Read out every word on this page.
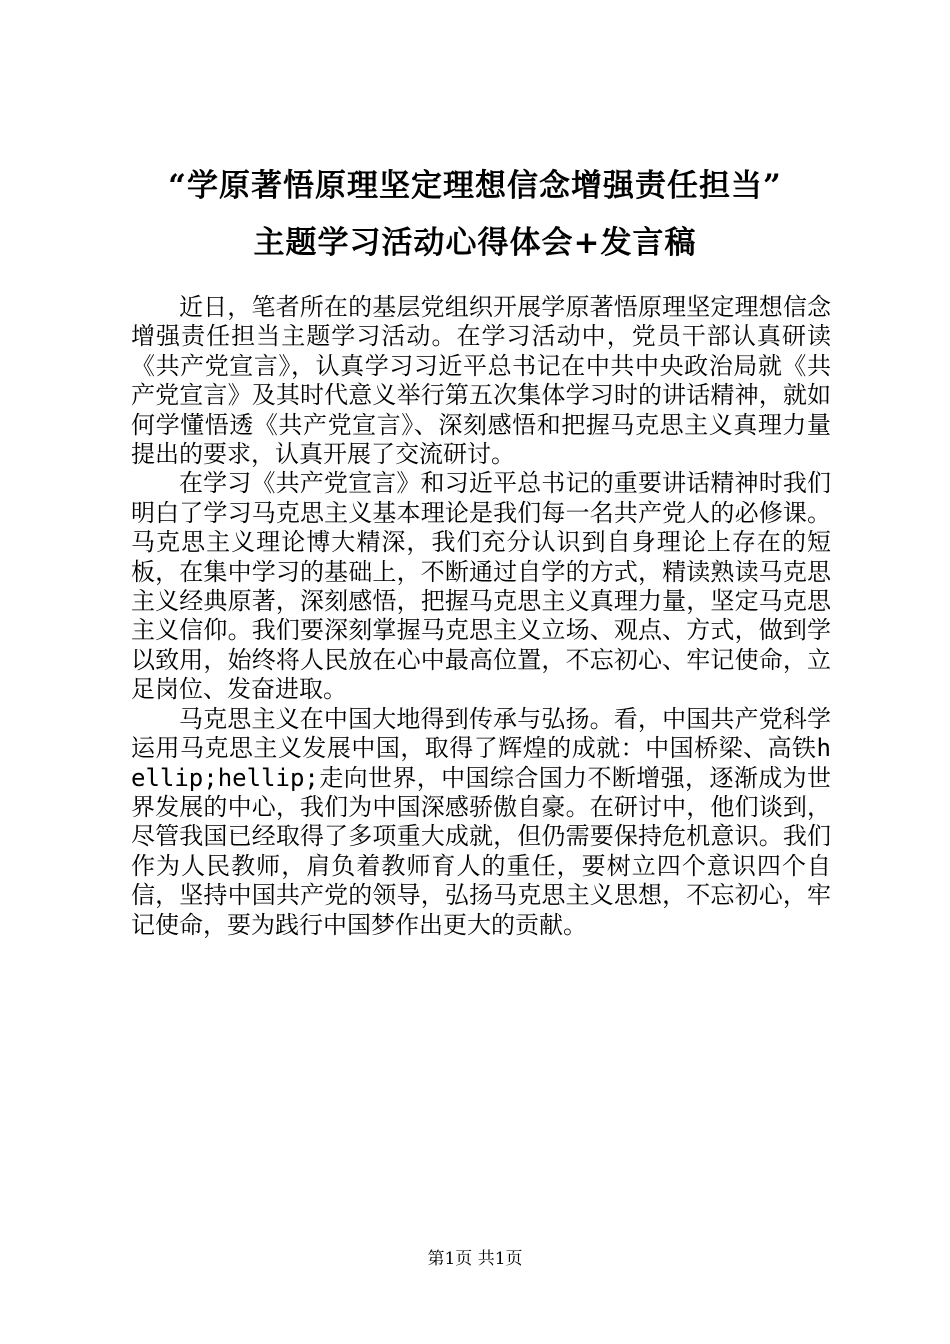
“学原著悟原理坚定理想信念增强责任担当”
主题学习活动心得体会+发言稿

近日，笔者所在的基层党组织开展学原著悟原理坚定理想信念增强责任担当主题学习活动。在学习活动中，党员干部认真研读《共产党宣言》，认真学习习近平总书记在中共中央政治局就《共产党宣言》及其时代意义举行第五次集体学习时的讲话精神，就如何学懂悟透《共产党宣言》、深刻感悟和把握马克思主义真理力量提出的要求，认真开展了交流研讨。

在学习《共产党宣言》和习近平总书记的重要讲话精神时我们明白了学习马克思主义基本理论是我们每一名共产党人的必修课。马克思主义理论博大精深，我们充分认识到自身理论上存在的短板，在集中学习的基础上，不断通过自学的方式，精读熟读马克思主义经典原著，深刻感悟，把握马克思主义真理力量，坚定马克思主义信仰。我们要深刻掌握马克思主义立场、观点、方式，做到学以致用，始终将人民放在心中最高位置，不忘初心、牢记使命，立足岗位、发奋进取。

马克思主义在中国大地得到传承与弘扬。看，中国共产党科学运用马克思主义发展中国，取得了辉煌的成就：中国桥梁、高铁hellip;hellip;走向世界，中国综合国力不断增强，逐渐成为世界发展的中心，我们为中国深感骄傲自豪。在研讨中，他们谈到，尽管我国已经取得了多项重大成就，但仍需要保持危机意识。我们作为人民教师，肩负着教师育人的重任，要树立四个意识四个自信，坚持中国共产党的领导，弘扬马克思主义思想，不忘初心，牢记使命，要为践行中国梦作出更大的贡献。

第1页 共1页
